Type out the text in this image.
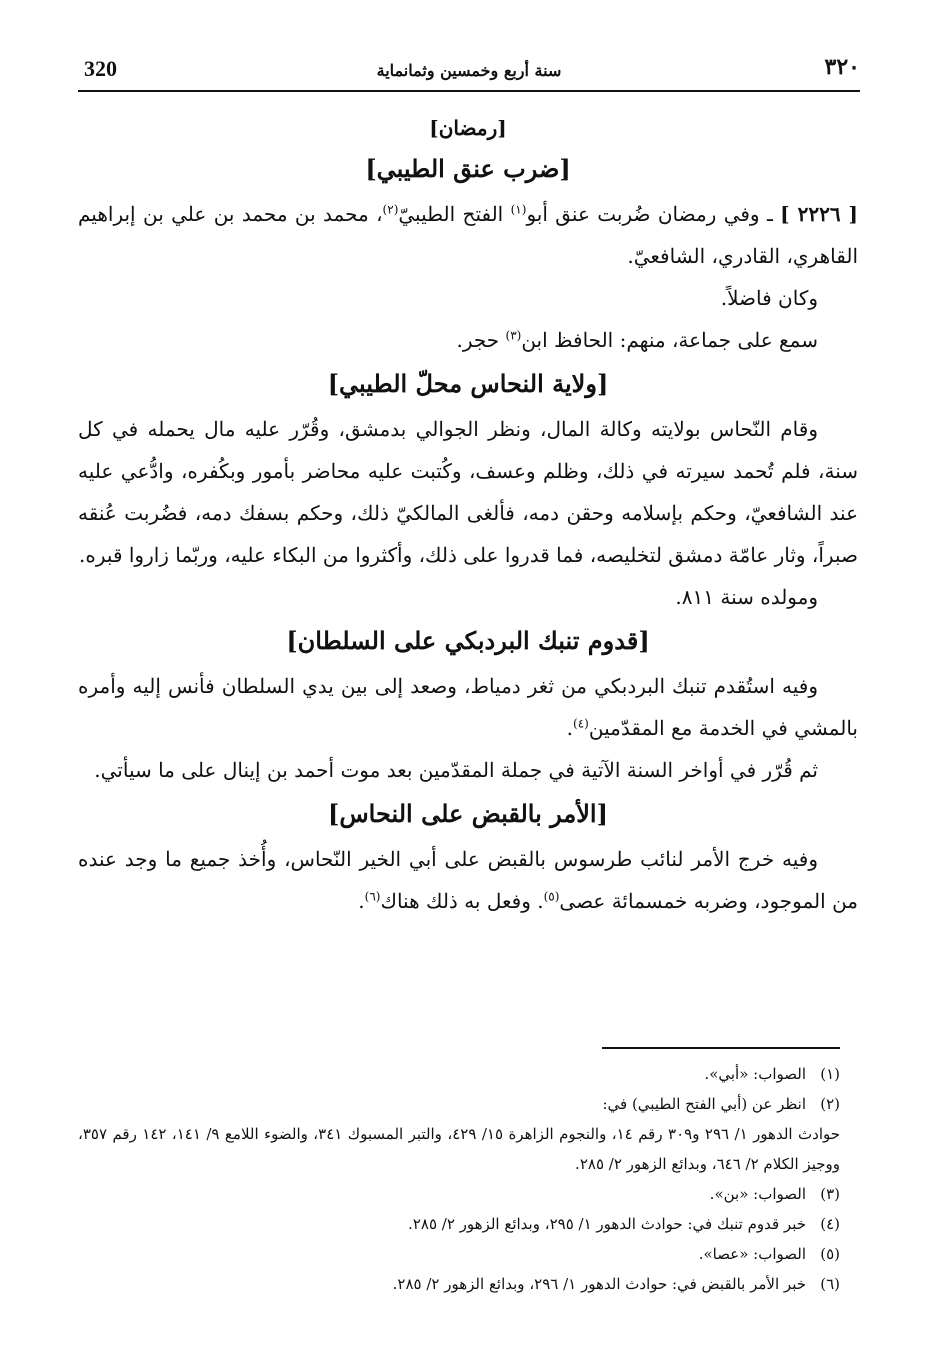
320	سنة أربع وخمسين وثمانماية	٣٢٠
[رمضان]
[ضرب عنق الطيبي]

[ ٢٢٢٦ ] ـ وفي رمضان ضُربت عنق أبو$^{(١)}$ الفتح الطيبيّ$^{(٢)}$، محمد بن محمد بن علي بن إبراهيم القاهري، القادري، الشافعيّ.

وكان فاضلاً.

سمع على جماعة، منهم: الحافظ ابن$^{(٣)}$ حجر.

[ولاية النحاس محلّ الطيبي]

وقام النّحاس بولايته وكالة المال، ونظر الجوالي بدمشق، وقُرّر عليه مال يحمله في كل سنة، فلم تُحمد سيرته في ذلك، وظلم وعسف، وكُتبت عليه محاضر بأمور وبكُفره، وادُّعي عليه عند الشافعيّ، وحكم بإسلامه وحقن دمه، فألغى المالكيّ ذلك، وحكم بسفك دمه، فضُربت عُنقه صبراً، وثار عامّة دمشق لتخليصه، فما قدروا على ذلك، وأكثروا من البكاء عليه، وربّما زاروا قبره.

ومولده سنة ٨١١.

[قدوم تنبك البردبكي على السلطان]

وفيه استُقدم تنبك البردبكي من ثغر دمياط، وصعد إلى بين يدي السلطان فأنس إليه وأمره بالمشي في الخدمة مع المقدّمين$^{(٤)}$.

ثم قُرّر في أواخر السنة الآتية في جملة المقدّمين بعد موت أحمد بن إينال على ما سيأتي.

[الأمر بالقبض على النحاس]

وفيه خرج الأمر لنائب طرسوس بالقبض على أبي الخير النّحاس، وأُخذ جميع ما وجد عنده من الموجود، وضربه خمسمائة عصى$^{(٥)}$. وفعل به ذلك هناك$^{(٦)}$.

(١)الصواب: «أبي».

(٢)انظر عن (أبي الفتح الطيبي) في:

حوادث الدهور ١/ ٢٩٦ و٣٠٩ رقم ١٤، والنجوم الزاهرة ١٥/ ٤٢٩، والتبر المسبوك ٣٤١، والضوء اللامع ٩/ ١٤١، ١٤٢ رقم ٣٥٧، ووجيز الكلام ٢/ ٦٤٦، وبدائع الزهور ٢/ ٢٨٥.

(٣)الصواب: «بن».

(٤)خبر قدوم تنبك في: حوادث الدهور ١/ ٢٩٥، وبدائع الزهور ٢/ ٢٨٥.

(٥)الصواب: «عصا».

(٦)خبر الأمر بالقبض في: حوادث الدهور ١/ ٢٩٦، وبدائع الزهور ٢/ ٢٨٥.
